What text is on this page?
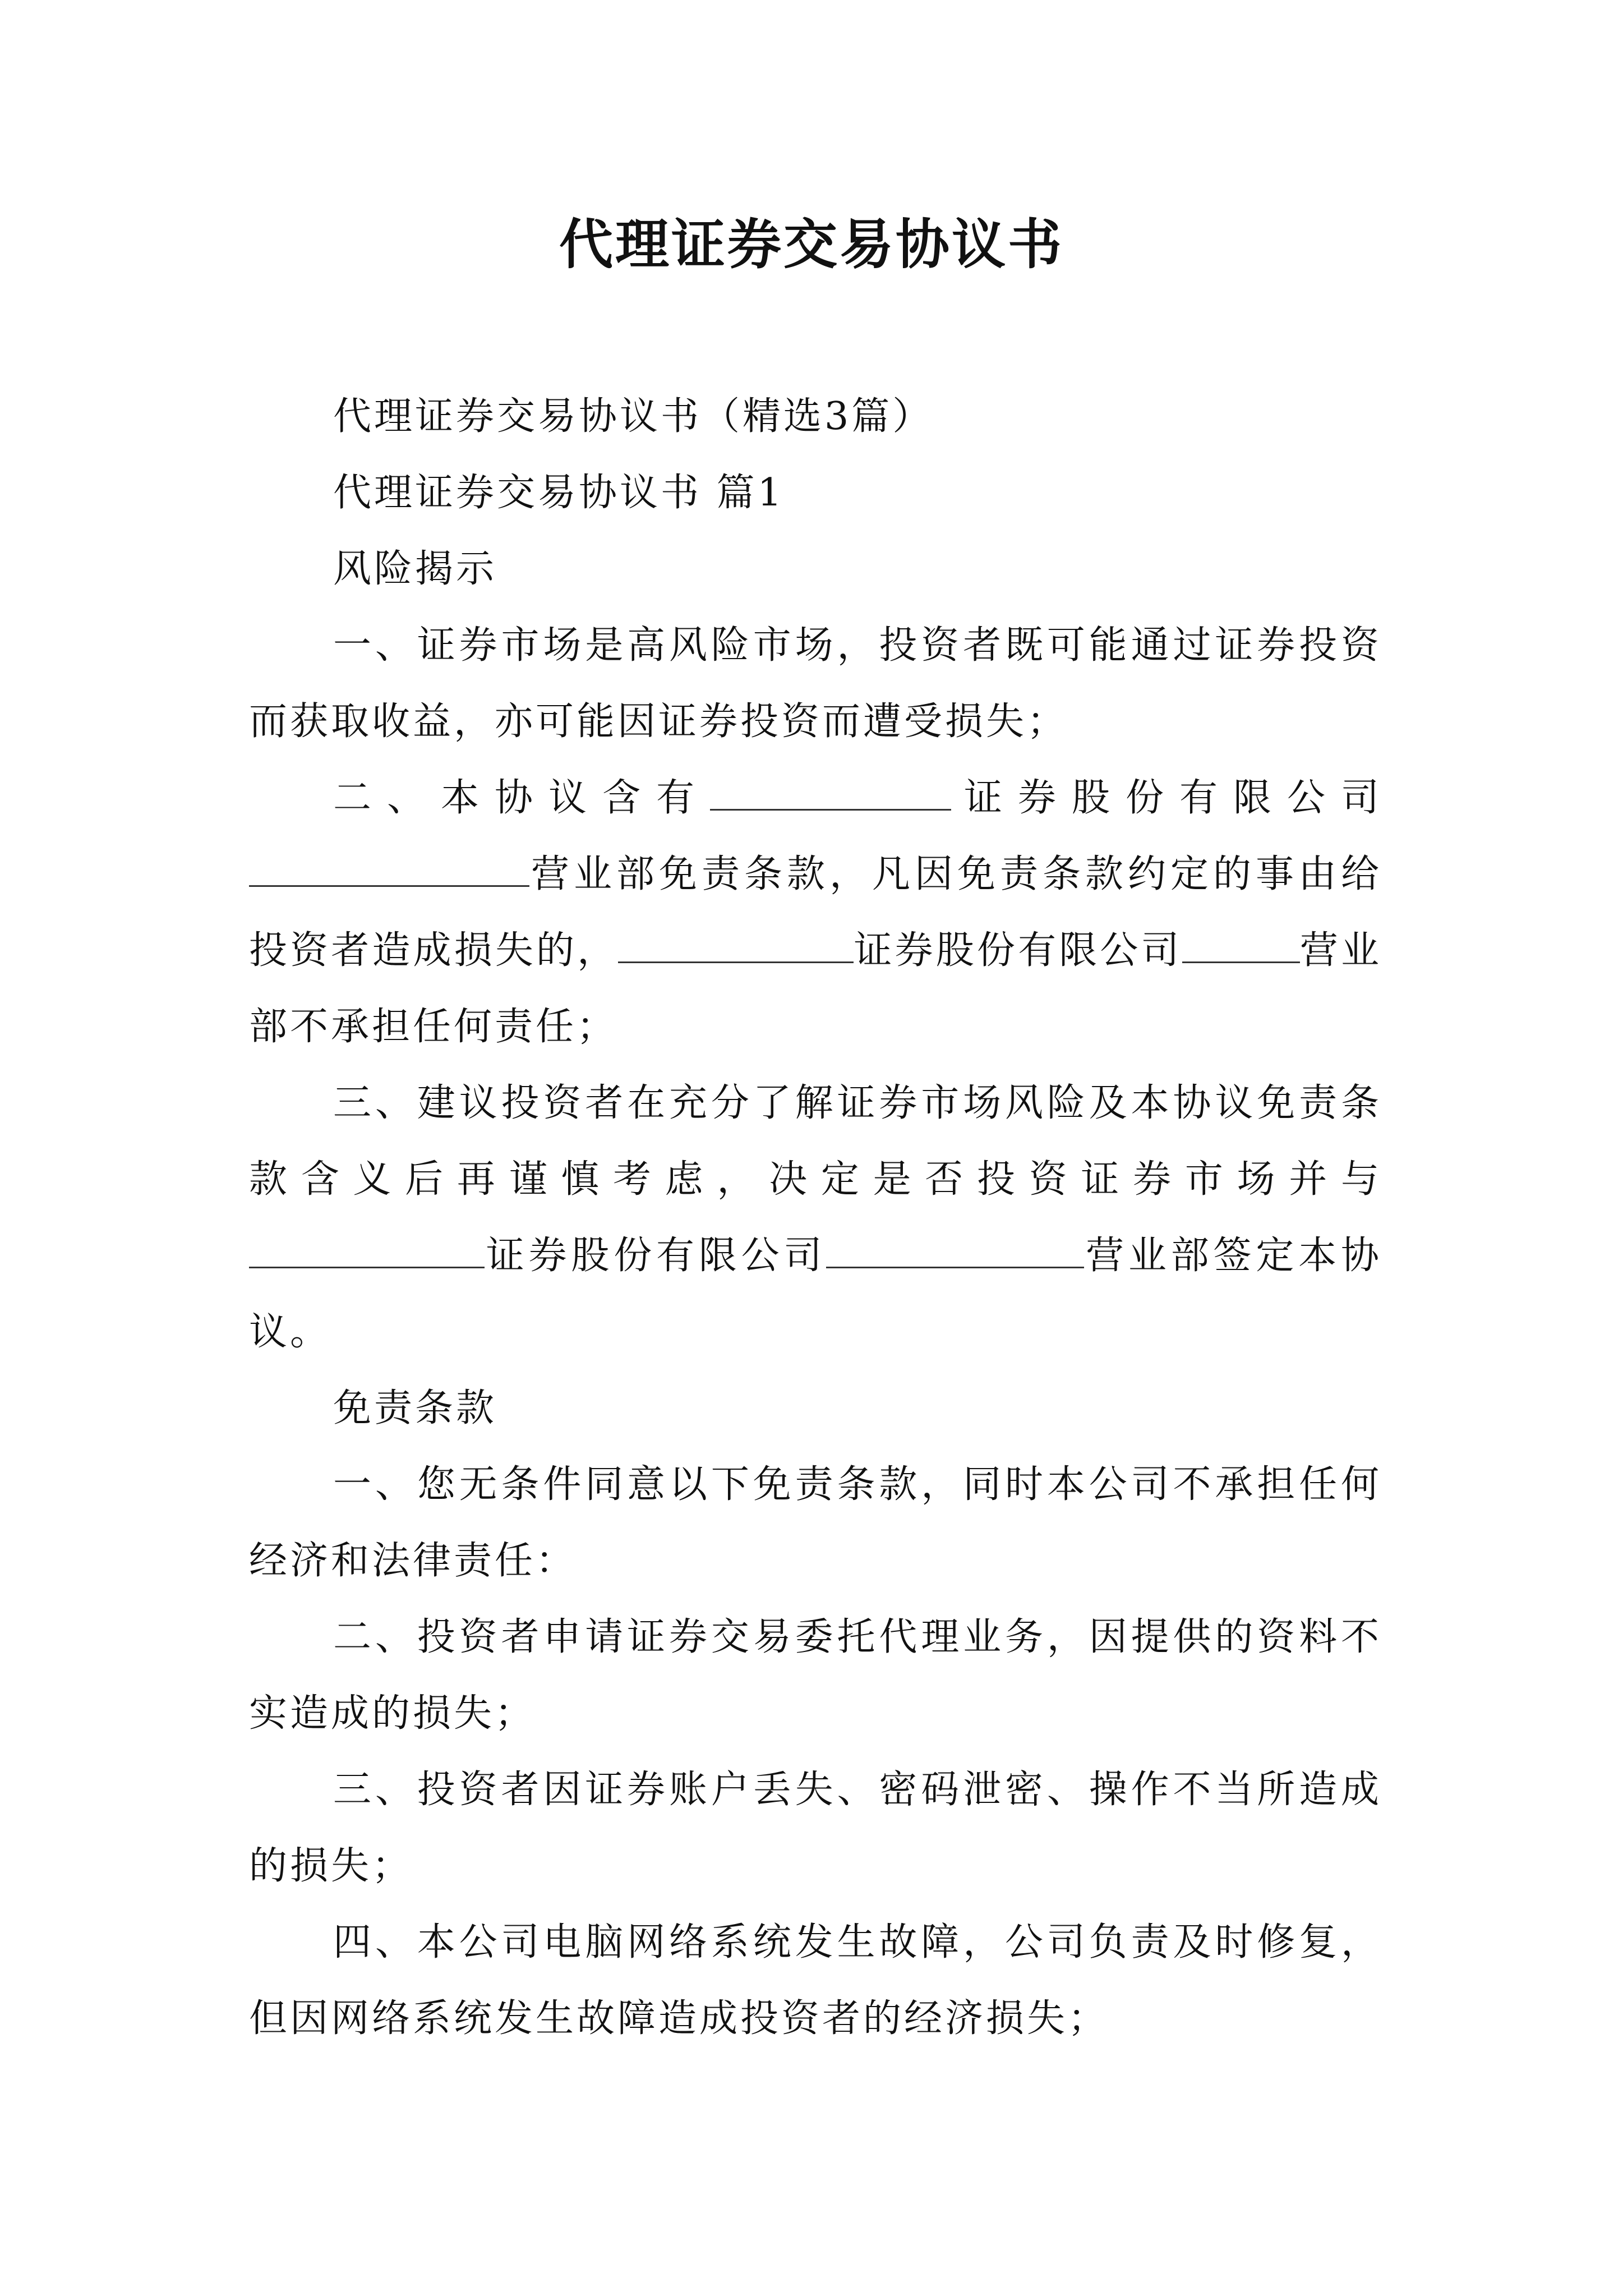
代理证券交易协议书

代理证券交易协议书（精选3篇）

代理证券交易协议书 篇1

风险揭示

一、证券市场是高风险市场，投资者既可能通过证券投资而获取收益，亦可能因证券投资而遭受损失；

二、本协议含有	证券股份有限公司营业部免责条款，凡因免责条款约定的事由给投资者造成损失的，	证券股份有限公司	营业部不承担任何责任；

三、建议投资者在充分了解证券市场风险及本协议免责条款含义后再谨慎考虑，决定是否投资证券市场并与证券股份有限公司	营业部签定本协议。

免责条款

一、您无条件同意以下免责条款，同时本公司不承担任何经济和法律责任：

二、投资者申请证券交易委托代理业务，因提供的资料不实造成的损失；

三、投资者因证券账户丢失、密码泄密、操作不当所造成的损失；

四、本公司电脑网络系统发生故障，公司负责及时修复，但因网络系统发生故障造成投资者的经济损失；
